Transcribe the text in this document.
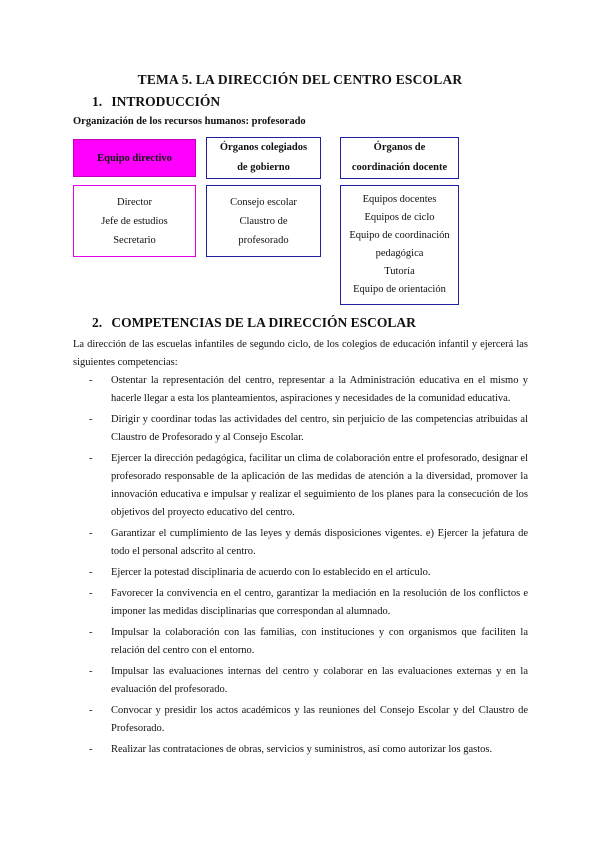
TEMA 5. LA DIRECCIÓN DEL CENTRO ESCOLAR
1. INTRODUCCIÓN
Organización de los recursos humanos: profesorado
Equipo directivo
Órganos colegiados
de gobierno
Órganos de
coordinación docente
Director
Jefe de estudios
Secretario
Consejo escolar
Claustro de
profesorado
Equipos docentes
Equipos de ciclo
Equipo de coordinación
pedagógica
Tutoría
Equipo de orientación
2. COMPETENCIAS DE LA DIRECCIÓN ESCOLAR
La dirección de las escuelas infantiles de segundo ciclo, de los colegios de educación infantil y ejercerá las siguientes competencias:
-	Ostentar la representación del centro, representar a la Administración educativa en el mismo y hacerle llegar a esta los planteamientos, aspiraciones y necesidades de la comunidad educativa.
-	Dirigir y coordinar todas las actividades del centro, sin perjuicio de las competencias atribuidas al Claustro de Profesorado y al Consejo Escolar.
-	Ejercer la dirección pedagógica, facilitar un clima de colaboración entre el profesorado, designar el profesorado responsable de la aplicación de las medidas de atención a la diversidad, promover la innovación educativa e impulsar y realizar el seguimiento de los planes para la consecución de los objetivos del proyecto educativo del centro.
-	Garantizar el cumplimiento de las leyes y demás disposiciones vigentes. e) Ejercer la jefatura de todo el personal adscrito al centro.
-	Ejercer la potestad disciplinaria de acuerdo con lo establecido en el artículo.
-	Favorecer la convivencia en el centro, garantizar la mediación en la resolución de los conflictos e imponer las medidas disciplinarias que correspondan al alumnado.
-	Impulsar la colaboración con las familias, con instituciones y con organismos que faciliten la relación del centro con el entorno.
-	Impulsar las evaluaciones internas del centro y colaborar en las evaluaciones externas y en la evaluación del profesorado.
-	Convocar y presidir los actos académicos y las reuniones del Consejo Escolar y del Claustro de Profesorado.
-	Realizar las contrataciones de obras, servicios y suministros, así como autorizar los gastos.
